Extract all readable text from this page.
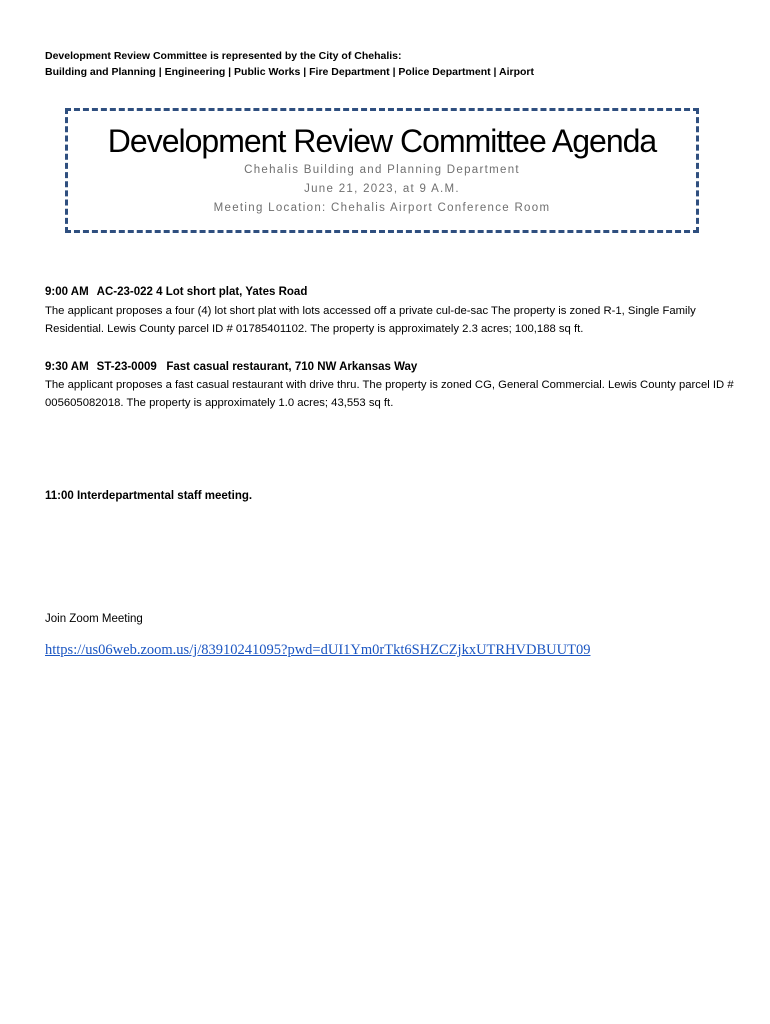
Development Review Committee is represented by the City of Chehalis:
Building and Planning | Engineering | Public Works | Fire Department | Police Department | Airport
Development Review Committee Agenda
Chehalis Building and Planning Department
June 21, 2023, at 9 A.M.
Meeting Location: Chehalis Airport Conference Room
9:00 AM AC-23-022 4 Lot short plat, Yates Road
The applicant proposes a four (4) lot short plat with lots accessed off a private cul-de-sac The property is zoned R-1, Single Family Residential. Lewis County parcel ID # 01785401102. The property is approximately 2.3 acres; 100,188 sq ft.
9:30 AM ST-23-0009   Fast casual restaurant, 710 NW Arkansas Way
The applicant proposes a fast casual restaurant with drive thru. The property is zoned CG, General Commercial. Lewis County parcel ID # 005605082018. The property is approximately 1.0 acres; 43,553 sq ft.
11:00 Interdepartmental staff meeting.
Join Zoom Meeting
https://us06web.zoom.us/j/83910241095?pwd=dUI1Ym0rTkt6SHZCZjkxUTRHVDBUUT09
